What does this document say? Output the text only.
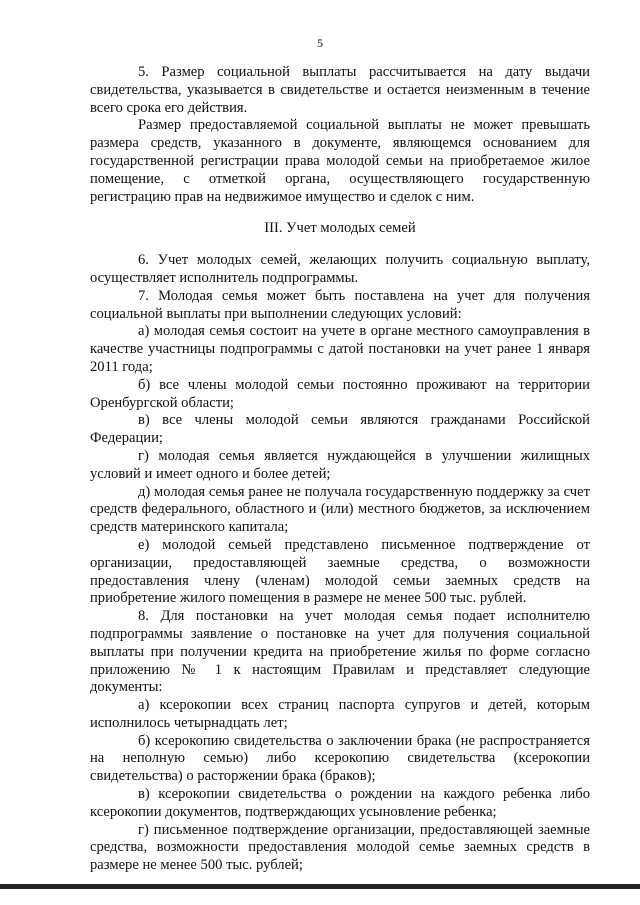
5

5. Размер социальной выплаты рассчитывается на дату выдачи свидетельства, указывается в свидетельстве и остается неизменным в течение всего срока его действия.

Размер предоставляемой социальной выплаты не может превышать размера средств, указанного в документе, являющемся основанием для государственной регистрации права молодой семьи на приобретаемое жилое помещение, с отметкой органа, осуществляющего государственную регистрацию прав на недвижимое имущество и сделок с ним.

III. Учет молодых семей

6. Учет молодых семей, желающих получить социальную выплату, осуществляет исполнитель подпрограммы.

7. Молодая семья может быть поставлена на учет для получения социальной выплаты при выполнении следующих условий:

а) молодая семья состоит на учете в органе местного самоуправления в качестве участницы подпрограммы с датой постановки на учет ранее 1 января 2011 года;

б) все члены молодой семьи постоянно проживают на территории Оренбургской области;

в) все члены молодой семьи являются гражданами Российской Федерации;

г) молодая семья является нуждающейся в улучшении жилищных условий и имеет одного и более детей;

д) молодая семья ранее не получала государственную поддержку за счет средств федерального, областного и (или) местного бюджетов, за исключением средств материнского капитала;

е) молодой семьей представлено письменное подтверждение от организации, предоставляющей заемные средства, о возможности предоставления члену (членам) молодой семьи заемных средств на приобретение жилого помещения в размере не менее 500 тыс. рублей.

8. Для постановки на учет молодая семья подает исполнителю подпрограммы заявление о постановке на учет для получения социальной выплаты при получении кредита на приобретение жилья по форме согласно приложению № 1 к настоящим Правилам и представляет следующие документы:

а) ксерокопии всех страниц паспорта супругов и детей, которым исполнилось четырнадцать лет;

б) ксерокопию свидетельства о заключении брака (не распространяется на неполную семью) либо ксерокопию свидетельства (ксерокопии свидетельства) о расторжении брака (браков);

в) ксерокопии свидетельства о рождении на каждого ребенка либо ксерокопии документов, подтверждающих усыновление ребенка;

г) письменное подтверждение организации, предоставляющей заемные средства, возможности предоставления молодой семье заемных средств в размере не менее 500 тыс. рублей;
